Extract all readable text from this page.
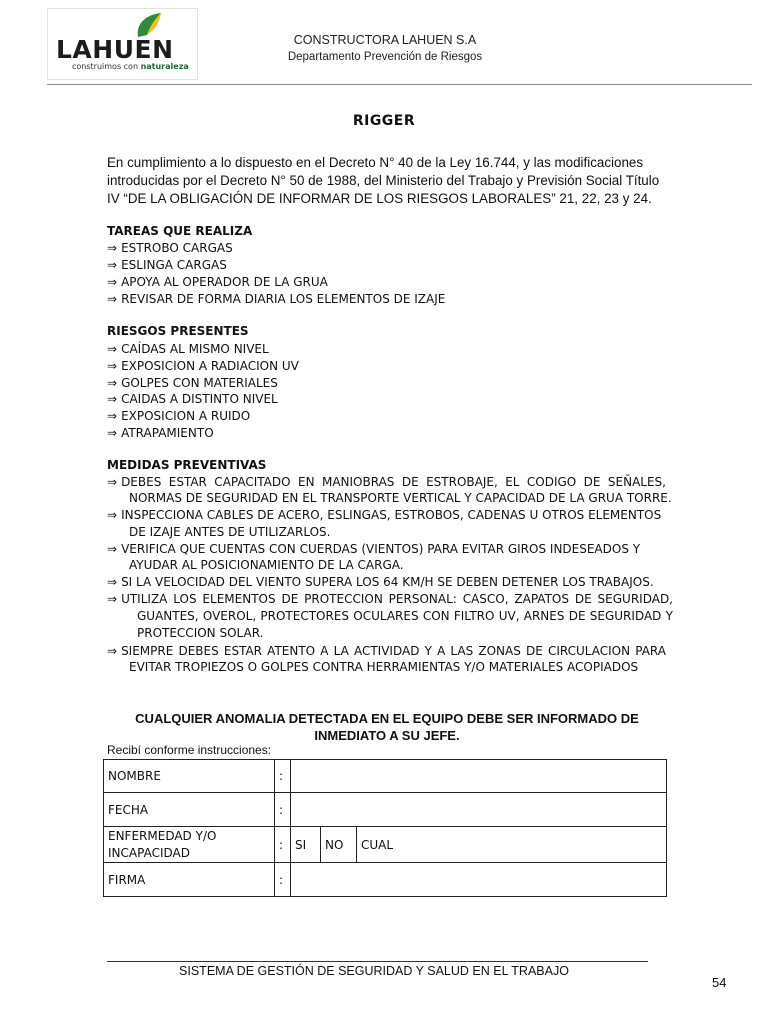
LAHUEN
construimos con naturaleza
CONSTRUCTORA LAHUEN S.A
Departamento Prevención de Riesgos
RIGGER
En cumplimiento a lo dispuesto en el Decreto N° 40 de la Ley 16.744, y las modificaciones introducidas por el Decreto N° 50 de 1988, del Ministerio del Trabajo y Previsión Social Título IV “DE LA OBLIGACIÓN DE INFORMAR DE LOS RIESGOS LABORALES” 21, 22, 23 y 24.
TAREAS QUE REALIZA
⇒ ESTROBO CARGAS
⇒ ESLINGA CARGAS
⇒ APOYA AL OPERADOR DE LA GRUA
⇒ REVISAR DE FORMA DIARIA LOS ELEMENTOS DE IZAJE
RIESGOS PRESENTES
⇒ CAÍDAS AL MISMO NIVEL
⇒ EXPOSICION A RADIACION UV
⇒ GOLPES CON MATERIALES
⇒ CAIDAS A DISTINTO NIVEL
⇒ EXPOSICION A RUIDO
⇒ ATRAPAMIENTO
MEDIDAS PREVENTIVAS
⇒ DEBES ESTAR CAPACITADO EN MANIOBRAS DE ESTROBAJE, EL CODIGO DE SEÑALES,
NORMAS DE SEGURIDAD EN EL TRANSPORTE VERTICAL Y CAPACIDAD DE LA GRUA TORRE.
⇒ INSPECCIONA CABLES DE ACERO, ESLINGAS, ESTROBOS, CADENAS U OTROS ELEMENTOS
DE IZAJE ANTES DE UTILIZARLOS.
⇒ VERIFICA QUE CUENTAS CON CUERDAS (VIENTOS) PARA EVITAR GIROS INDESEADOS Y
AYUDAR AL POSICIONAMIENTO DE LA CARGA.
⇒ SI LA VELOCIDAD DEL VIENTO SUPERA LOS 64 KM/H SE DEBEN DETENER LOS TRABAJOS.
⇒ UTILIZA LOS ELEMENTOS DE PROTECCION PERSONAL: CASCO, ZAPATOS DE SEGURIDAD,
GUANTES, OVEROL, PROTECTORES OCULARES CON FILTRO UV, ARNES DE SEGURIDAD Y
PROTECCION SOLAR.
⇒ SIEMPRE DEBES ESTAR ATENTO A LA ACTIVIDAD Y A LAS ZONAS DE CIRCULACION PARA
EVITAR TROPIEZOS O GOLPES CONTRA HERRAMIENTAS Y/O MATERIALES ACOPIADOS
CUALQUIER ANOMALIA DETECTADA EN EL EQUIPO DEBE SER INFORMADO DE INMEDIATO A SU JEFE.
Recibí conforme instrucciones:
NOMBRE	:			
FECHA	:			
ENFERMEDAD Y/O
INCAPACIDAD	:	SI	NO	CUAL
FIRMA	:			
SISTEMA DE GESTIÓN DE SEGURIDAD Y SALUD EN EL TRABAJO
54
